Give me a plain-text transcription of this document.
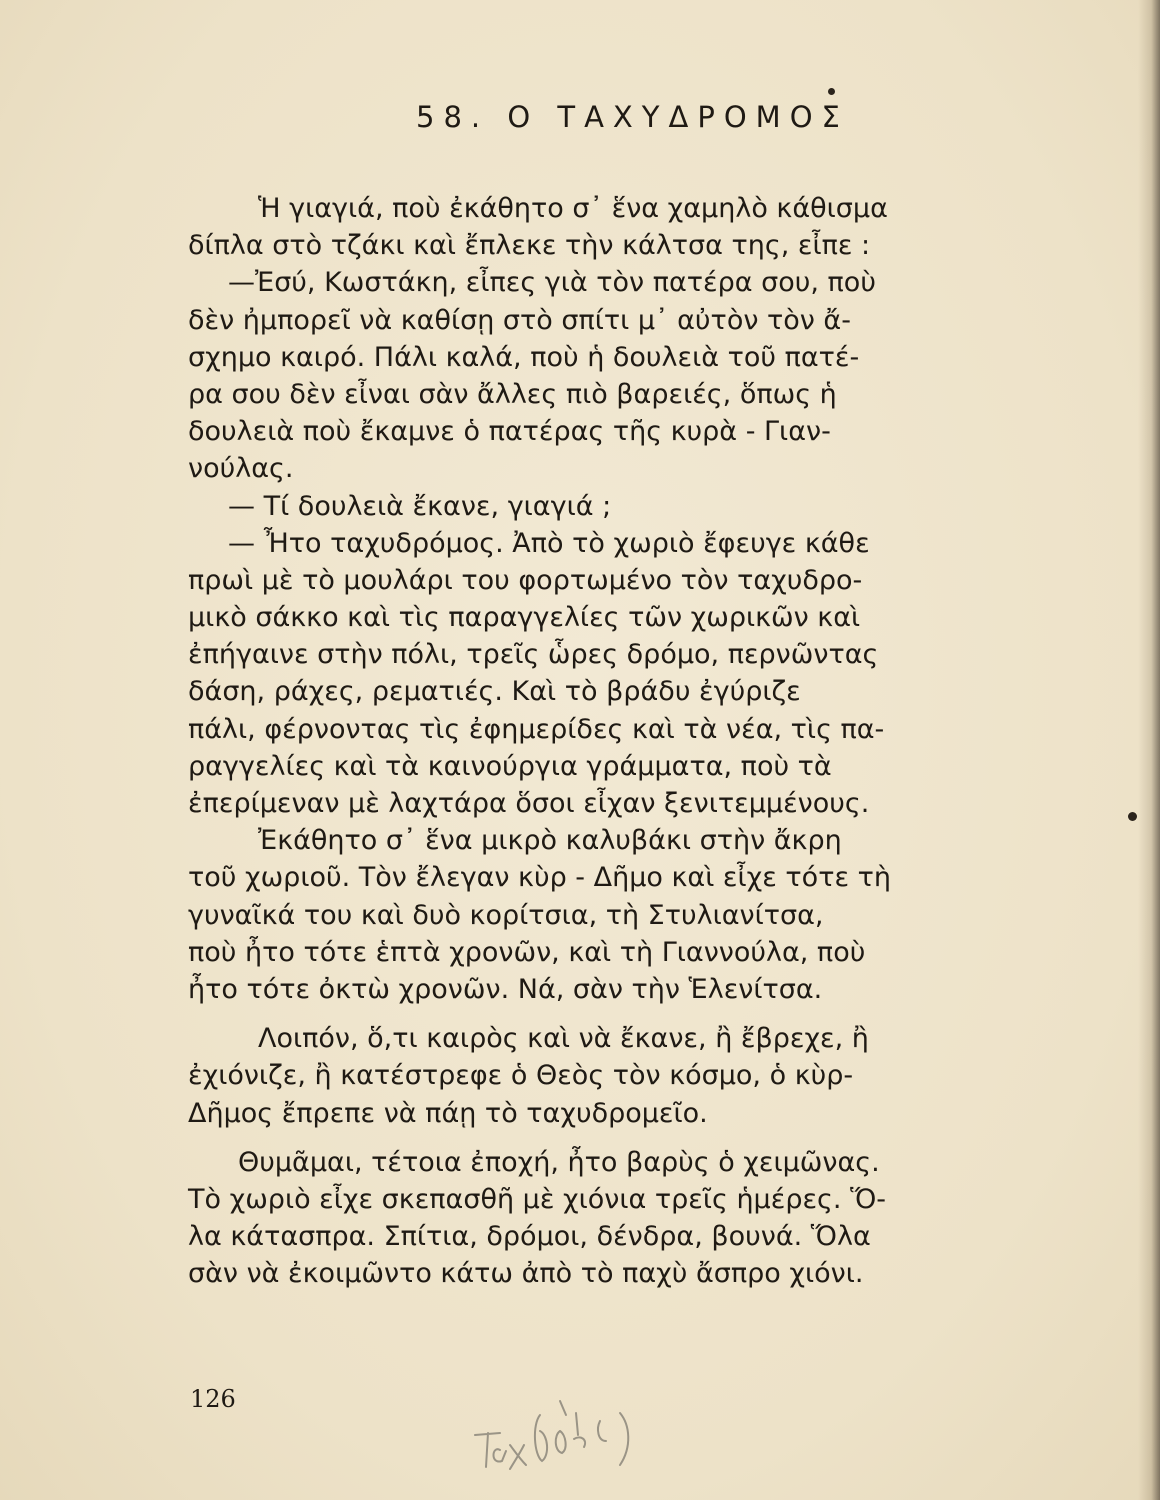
58. Ο ΤΑΧΥΔΡΟΜΟΣ
Ἡ γιαγιά, ποὺ ἐκάθητο σ᾽ ἕνα χαμηλὸ κάθισμα
δίπλα στὸ τζάκι καὶ ἔπλεκε τὴν κάλτσα της, εἶπε :
—Ἐσύ, Κωστάκη, εἶπες γιὰ τὸν πατέρα σου, ποὺ
δὲν ἠμπορεῖ νὰ καθίσῃ στὸ σπίτι μ᾽ αὐτὸν τὸν ἄ-
σχημο καιρό. Πάλι καλά, ποὺ ἡ δουλειὰ τοῦ πατέ-
ρα σου δὲν εἶναι σὰν ἄλλες πιὸ βαρειές, ὅπως ἡ
δουλειὰ ποὺ ἔκαμνε ὁ πατέρας τῆς κυρὰ - Γιαν-
νούλας.
— Τί δουλειὰ ἔκανε, γιαγιά ;
— Ἦτο ταχυδρόμος. Ἀπὸ τὸ χωριὸ ἔφευγε κάθε
πρωὶ μὲ τὸ μουλάρι του φορτωμένο τὸν ταχυδρο-
μικὸ σάκκο καὶ τὶς παραγγελίες τῶν χωρικῶν καὶ
ἐπήγαινε στὴν πόλι, τρεῖς ὧρες δρόμο, περνῶντας
δάση, ράχες, ρεματιές. Καὶ τὸ βράδυ ἐγύριζε
πάλι, φέρνοντας τὶς ἐφημερίδες καὶ τὰ νέα, τὶς πα-
ραγγελίες καὶ τὰ καινούργια γράμματα, ποὺ τὰ
ἐπερίμεναν μὲ λαχτάρα ὅσοι εἶχαν ξενιτεμμένους.
Ἐκάθητο σ᾽ ἕνα μικρὸ καλυβάκι στὴν ἄκρη
τοῦ χωριοῦ. Τὸν ἔλεγαν κὺρ - Δῆμο καὶ εἶχε τότε τὴ
γυναῖκά του καὶ δυὸ κορίτσια, τὴ Στυλιανίτσα,
ποὺ ἦτο τότε ἑπτὰ χρονῶν, καὶ τὴ Γιαννούλα, ποὺ
ἦτο τότε ὀκτὼ χρονῶν. Νά, σὰν τὴν Ἑλενίτσα.
Λοιπόν, ὅ,τι καιρὸς καὶ νὰ ἔκανε, ἢ ἔβρεχε, ἢ
ἐχιόνιζε, ἢ κατέστρεφε ὁ Θεὸς τὸν κόσμο, ὁ κὺρ-
Δῆμος ἔπρεπε νὰ πάῃ τὸ ταχυδρομεῖο.
Θυμᾶμαι, τέτοια ἐποχή, ἦτο βαρὺς ὁ χειμῶνας.
Τὸ χωριὸ εἶχε σκεπασθῆ μὲ χιόνια τρεῖς ἡμέρες. Ὅ-
λα κάτασπρα. Σπίτια, δρόμοι, δένδρα, βουνά. Ὅλα
σὰν νὰ ἐκοιμῶντο κάτω ἀπὸ τὸ παχὺ ἄσπρο χιόνι.
126
